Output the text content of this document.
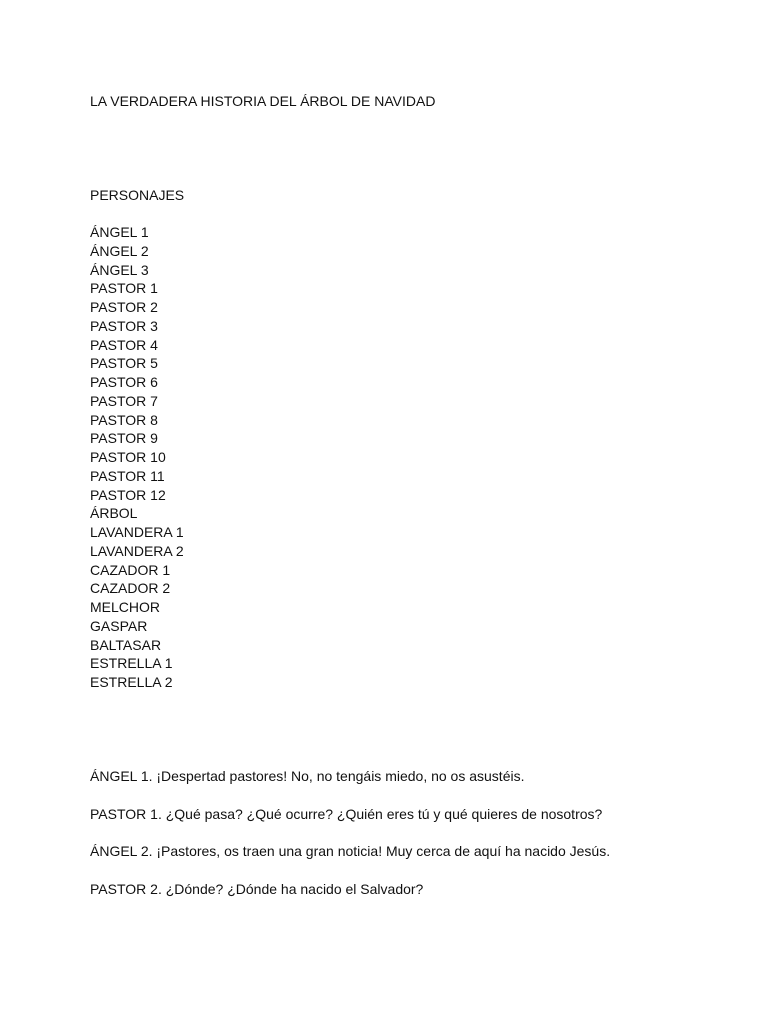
LA VERDADERA HISTORIA DEL ÁRBOL DE NAVIDAD
PERSONAJES
ÁNGEL 1
ÁNGEL 2
ÁNGEL 3
PASTOR 1
PASTOR 2
PASTOR 3
PASTOR 4
PASTOR 5
PASTOR 6
PASTOR 7
PASTOR 8
PASTOR 9
PASTOR 10
PASTOR 11
PASTOR 12
ÁRBOL
LAVANDERA 1
LAVANDERA 2
CAZADOR 1
CAZADOR 2
MELCHOR
GASPAR
BALTASAR
ESTRELLA 1
ESTRELLA 2
ÁNGEL 1. ¡Despertad pastores! No, no tengáis miedo, no os asustéis.
PASTOR 1. ¿Qué pasa? ¿Qué ocurre? ¿Quién eres tú y qué quieres de nosotros?
ÁNGEL 2. ¡Pastores, os traen una gran noticia! Muy cerca de aquí ha nacido Jesús.
PASTOR 2. ¿Dónde? ¿Dónde ha nacido el Salvador?
